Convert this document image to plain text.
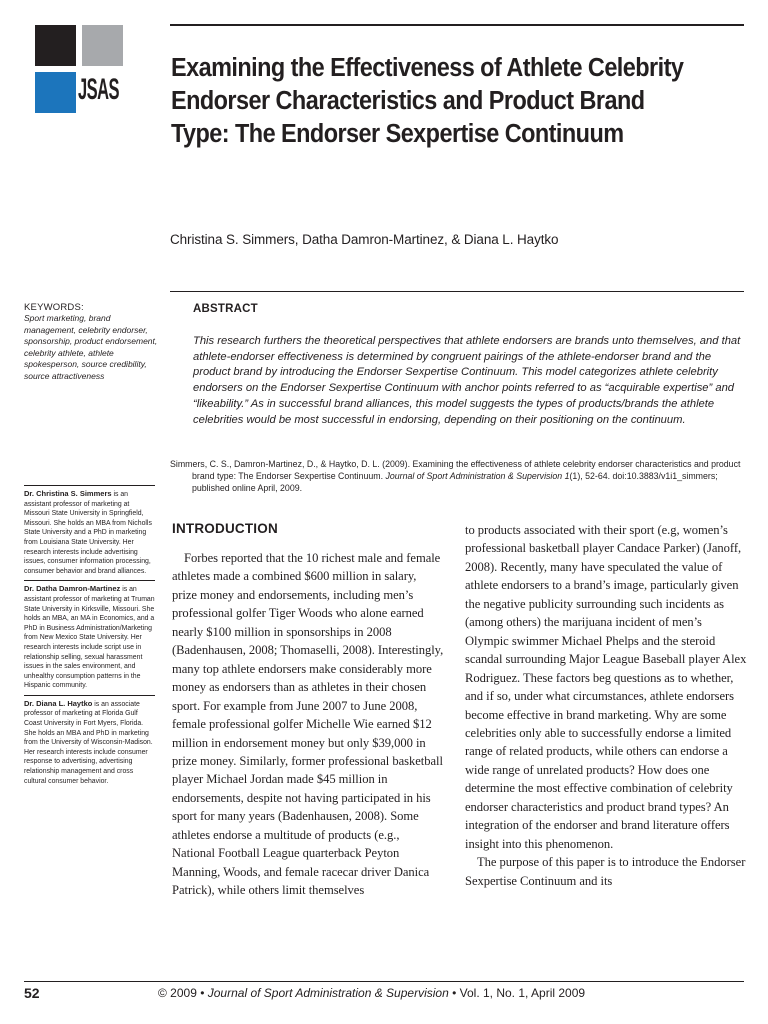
JSAS
Examining the Effectiveness of Athlete Celebrity Endorser Characteristics and Product Brand Type: The Endorser Sexpertise Continuum
Christina S. Simmers, Datha Damron-Martinez, & Diana L. Haytko
KEYWORDS:
Sport marketing, brand management, celebrity endorser, sponsorship, product endorsement, celebrity athlete, athlete spokesperson, source credibility, source attractiveness
ABSTRACT
This research furthers the theoretical perspectives that athlete endorsers are brands unto themselves, and that athlete-endorser effectiveness is determined by congruent pairings of the athlete-endorser brand and the product brand by introducing the Endorser Sexpertise Continuum. This model categorizes athlete celebrity endorsers on the Endorser Sexpertise Continuum with anchor points referred to as “acquirable expertise” and “likeability.” As in successful brand alliances, this model suggests the types of products/brands the athlete celebrities would be most successful in endorsing, depending on their positioning on the continuum.
Simmers, C. S., Damron-Martinez, D., & Haytko, D. L. (2009). Examining the effectiveness of athlete celebrity endorser characteristics and product brand type: The Endorser Sexpertise Continuum. Journal of Sport Administration & Supervision 1(1), 52-64. doi:10.3883/v1i1_simmers; published online April, 2009.

Dr. Christina S. Simmers is an assistant professor of marketing at Missouri State University in Springfield, Missouri. She holds an MBA from Nicholls State University and a PhD in marketing from Louisiana State University. Her research interests include advertising issues, consumer information processing, consumer behavior and brand alliances.

Dr. Datha Damron-Martinez is an assistant professor of marketing at Truman State University in Kirksville, Missouri. She holds an MBA, an MA in Economics, and a PhD in Business Administration/Marketing from New Mexico State University. Her research interests include script use in relationship selling, sexual harassment issues in the sales environment, and unhealthy consumption patterns in the Hispanic community.

Dr. Diana L. Haytko is an associate professor of marketing at Florida Gulf Coast University in Fort Myers, Florida. She holds an MBA and PhD in marketing from the University of Wisconsin-Madison. Her research interests include consumer response to advertising, advertising relationship management and cross cultural consumer behavior.

INTRODUCTION

Forbes reported that the 10 richest male and female athletes made a combined $600 million in salary, prize money and endorsements, including men’s professional golfer Tiger Woods who alone earned nearly $100 million in sponsorships in 2008 (Badenhausen, 2008; Thomaselli, 2008). Interestingly, many top athlete endorsers make considerably more money as endorsers than as athletes in their chosen sport. For example from June 2007 to June 2008, female professional golfer Michelle Wie earned $12 million in endorsement money but only $39,000 in prize money. Similarly, former professional basketball player Michael Jordan made $45 million in endorsements, despite not having participated in his sport for many years (Badenhausen, 2008). Some athletes endorse a multitude of products (e.g., National Football League quarterback Peyton Manning, Woods, and female racecar driver Danica Patrick), while others limit themselves

to products associated with their sport (e.g, women’s professional basketball player Candace Parker) (Janoff, 2008). Recently, many have speculated the value of athlete endorsers to a brand’s image, particularly given the negative publicity surrounding such incidents as (among others) the marijuana incident of men’s Olympic swimmer Michael Phelps and the steroid scandal surrounding Major League Baseball player Alex Rodriguez. These factors beg questions as to whether, and if so, under what circumstances, athlete endorsers become effective in brand marketing. Why are some celebrities only able to successfully endorse a limited range of related products, while others can endorse a wide range of unrelated products? How does one determine the most effective combination of celebrity endorser characteristics and product brand types? An integration of the endorser and brand literature offers insight into this phenomenon.

The purpose of this paper is to introduce the Endorser Sexpertise Continuum and its

52	© 2009 • Journal of Sport Administration & Supervision • Vol. 1, No. 1, April 2009
